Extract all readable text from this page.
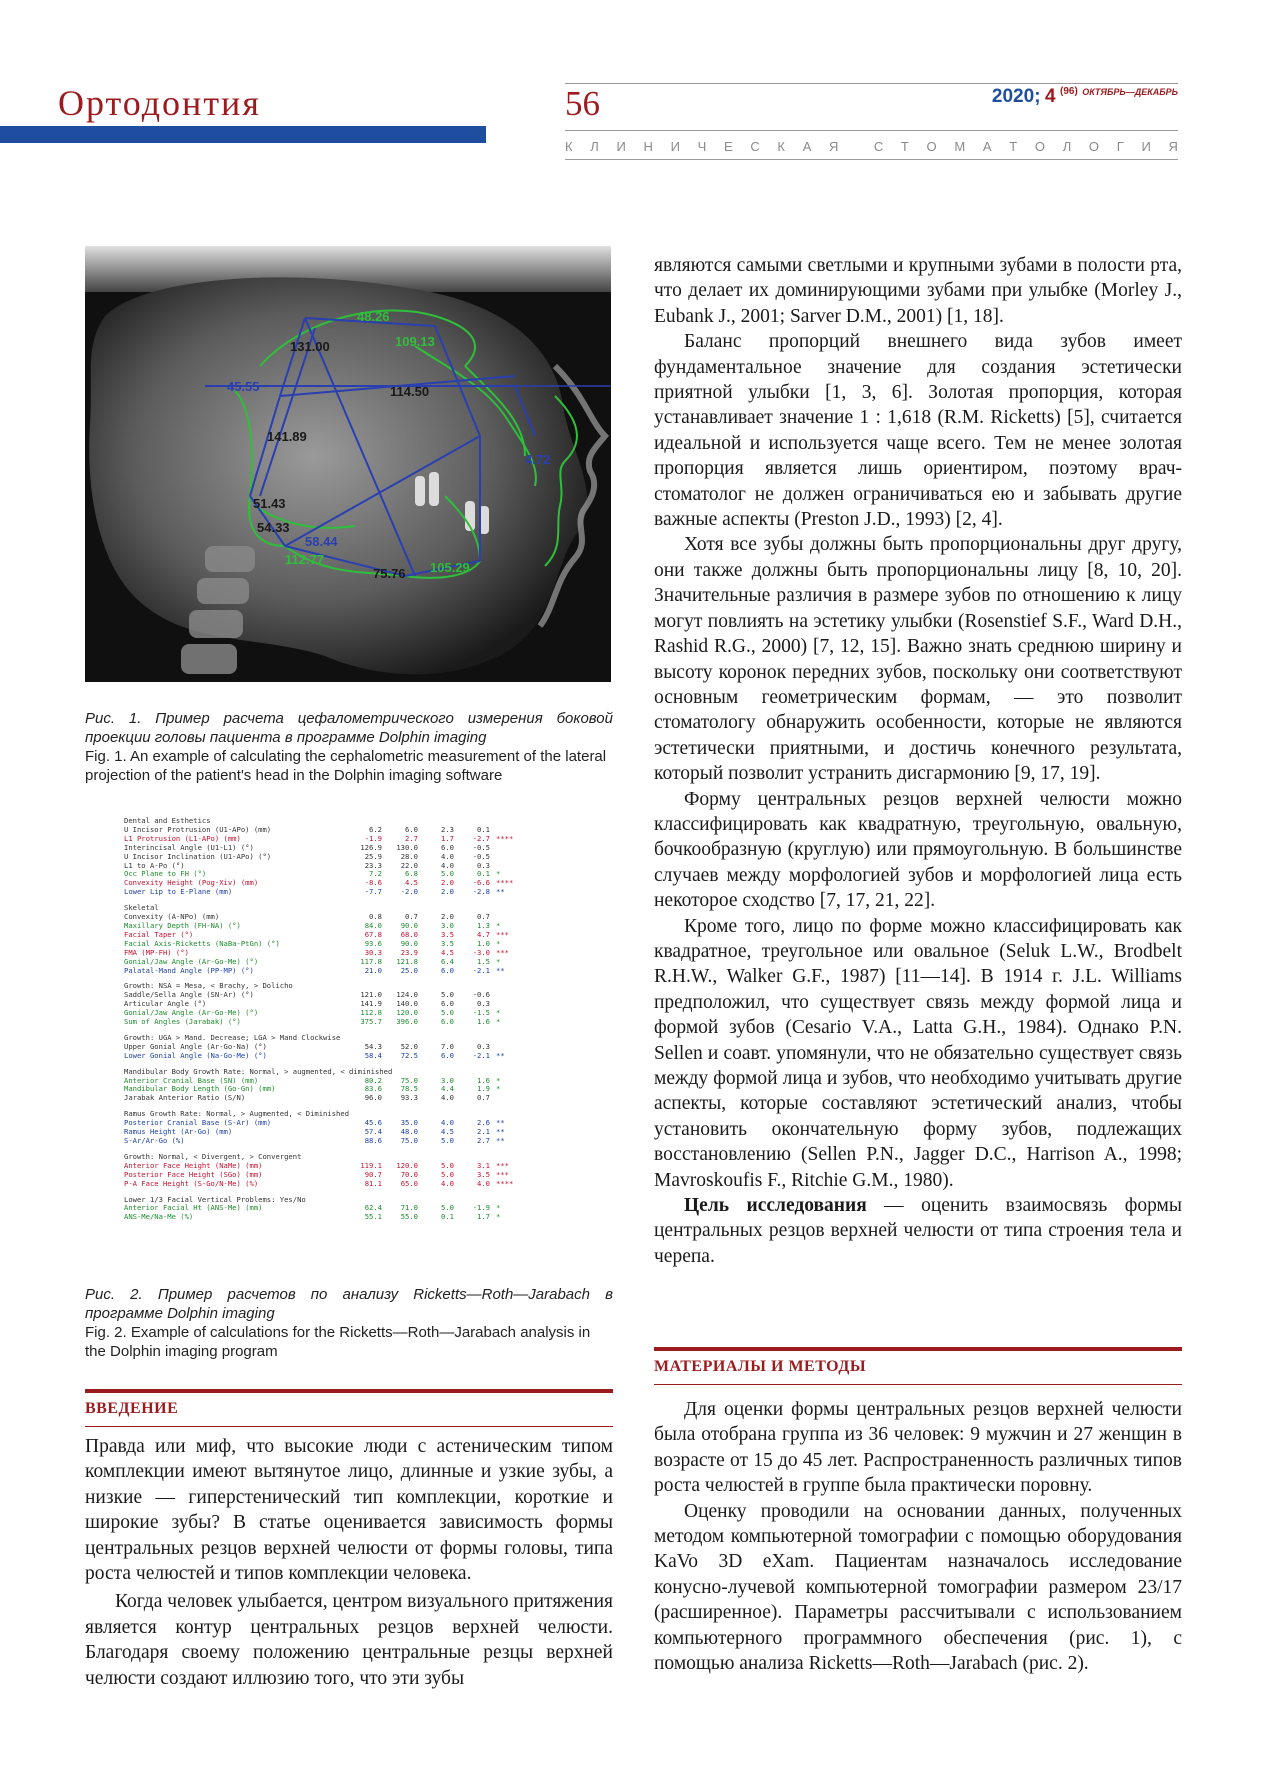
Ортодонтия	56	2020; 4 $^{(96)}$ $^{ОКТЯБРЬ—ДЕКАБРЬ}$
К Л И Н И Ч Е С К А Я	С Т О М А Т О Л О Г И Я
48.26
131.00	109.13
45.55	114.50
141.89
4.72
51.43
54.33
58.44
112.77
75.76 105.29
Рис. 1. Пример расчета цефалометрического измерения боковой проекции головы пациента в программе Dolphin imaging
Fig. 1. An example of calculating the cephalometric measurement of the lateral projection of the patient's head in the Dolphin imaging software
Dental and Esthetics
U Incisor Protrusion (U1-APo) (mm)	6.2	6.0	2.3	0.1
L1 Protrusion (L1-APo) (mm)	-1.9	2.7	1.7	-2.7 ****
Interincisal Angle (U1-L1) (°)	126.9	130.0	6.0	-0.5
U Incisor Inclination (U1-APo) (°)	25.9	28.0	4.0	-0.5
L1 to A-Po (°)	23.3	22.0	4.0	0.3
Occ Plane to FH (°)	7.2	6.8	5.0	0.1 *
Convexity Height (Pog-Xiv) (mm)	-8.6	4.5	2.0	-6.6 ****
Lower Lip to E-Plane (mm)	-7.7	-2.0	2.0	-2.8 **
Skeletal
Convexity (A-NPo) (mm)	0.8	0.7	2.0	0.7
Maxillary Depth (FH-NA) (°)	84.0	90.0	3.0	1.3 *
Facial Taper (°)	67.8	68.0	3.5	4.7 ***
Facial Axis-Ricketts (NaBa-PtGn) (°)	93.6	90.0	3.5	1.0 *
FMA (MP-FH) (°)	30.3	23.9	4.5	-3.0 ***
Gonial/Jaw Angle (Ar-Go-Me) (°)	117.8	121.8	6.4	1.5 *
Palatal-Mand Angle (PP-MP) (°)	21.0	25.0	6.0	-2.1 **
Growth: NSA = Mesa, < Brachy, > Dolicho
Saddle/Sella Angle (SN-Ar) (°)	121.0	124.0	5.0	-0.6
Articular Angle (°)	141.9	140.0	6.0	0.3
Gonial/Jaw Angle (Ar-Go-Me) (°)	112.8	120.0	5.0	-1.5 *
Sum of Angles (Jarabak) (°)	375.7	396.0	6.0	1.6 *
Growth: UGA > Mand. Decrease; LGA > Mand Clockwise
Upper Gonial Angle (Ar-Go-Na) (°)	54.3	52.0	7.0	0.3
Lower Gonial Angle (Na-Go-Me) (°)	58.4	72.5	6.0	-2.1 **
Mandibular Body Growth Rate: Normal, > augmented, < diminished
Anterior Cranial Base (SN) (mm)	80.2	75.0	3.0	1.6 *
Mandibular Body Length (Go-Gn) (mm)	83.6	78.5	4.4	1.9 *
Jarabak Anterior Ratio (S/N)	96.0	93.3	4.0	0.7
Ramus Growth Rate: Normal, > Augmented, < Diminished
Posterior Cranial Base (S-Ar) (mm)	45.6	35.0	4.0	2.6 **
Ramus Height (Ar-Go) (mm)	57.4	48.0	4.5	2.1 **
S-Ar/Ar-Go (%)	88.6	75.0	5.0	2.7 **
Growth: Normal, < Divergent, > Convergent
Anterior Face Height (NaMe) (mm)	119.1	120.0	5.0	3.1 ***
Posterior Face Height (SGo) (mm)	90.7	70.0	5.0	3.5 ***
P-A Face Height (S-Go/N-Me) (%)	81.1	65.0	4.0	4.0 ****
Lower 1/3 Facial Vertical Problems: Yes/No
Anterior Facial Ht (ANS-Me) (mm)	62.4	71.0	5.0	-1.9 *
ANS-Me/Na-Me (%)	55.1	55.0	0.1	1.7 *
Рис. 2. Пример расчетов по анализу Ricketts—Roth—Jarabach в программе Dolphin imaging
Fig. 2. Example of calculations for the Ricketts—Roth—Jarabach analysis in the Dolphin imaging program
ВВЕДЕНИЕ

Правда или миф, что высокие люди с астеническим типом комплекции имеют вытянутое лицо, длинные и узкие зубы, а низкие — гиперстенический тип комплекции, короткие и широкие зубы? В статье оценивается зависимость формы центральных резцов верхней челюсти от формы головы, типа роста челюстей и типов комплекции человека.

Когда человек улыбается, центром визуального притяжения является контур центральных резцов верхней челюсти. Благодаря своему положению центральные резцы верхней челюсти создают иллюзию того, что эти зубы

являются самыми светлыми и крупными зубами в полости рта, что делает их доминирующими зубами при улыбке (Morley J., Eubank J., 2001; Sarver D.M., 2001) [1, 18].

Баланс пропорций внешнего вида зубов имеет фундаментальное значение для создания эстетически приятной улыбки [1, 3, 6]. Золотая пропорция, которая устанавливает значение 1 : 1,618 (R.M. Ricketts) [5], считается идеальной и используется чаще всего. Тем не менее золотая пропорция является лишь ориентиром, поэтому врач-стоматолог не должен ограничиваться ею и забывать другие важные аспекты (Preston J.D., 1993) [2, 4].

Хотя все зубы должны быть пропорциональны друг другу, они также должны быть пропорциональны лицу [8, 10, 20]. Значительные различия в размере зубов по отношению к лицу могут повлиять на эстетику улыбки (Rosenstief S.F., Ward D.H., Rashid R.G., 2000) [7, 12, 15]. Важно знать среднюю ширину и высоту коронок передних зубов, поскольку они соответствуют основным геометрическим формам, — это позволит стоматологу обнаружить особенности, которые не являются эстетически приятными, и достичь конечного результата, который позволит устранить дисгармонию [9, 17, 19].

Форму центральных резцов верхней челюсти можно классифицировать как квадратную, треугольную, овальную, бочкообразную (круглую) или прямоугольную. В большинстве случаев между морфологией зубов и морфологией лица есть некоторое сходство [7, 17, 21, 22].

Кроме того, лицо по форме можно классифицировать как квадратное, треугольное или овальное (Seluk L.W., Brodbelt R.H.W., Walker G.F., 1987) [11—14]. В 1914 г. J.L. Williams предположил, что существует связь между формой лица и формой зубов (Cesario V.A., Latta G.H., 1984). Однако P.N. Sellen и соавт. упомянули, что не обязательно существует связь между формой лица и зубов, что необходимо учитывать другие аспекты, которые составляют эстетический анализ, чтобы установить окончательную форму зубов, подлежащих восстановлению (Sellen P.N., Jagger D.C., Harrison A., 1998; Mavroskoufis F., Ritchie G.M., 1980).

Цель исследования — оценить взаимосвязь формы центральных резцов верхней челюсти от типа строения тела и черепа.

МАТЕРИАЛЫ И МЕТОДЫ

Для оценки формы центральных резцов верхней челюсти была отобрана группа из 36 человек: 9 мужчин и 27 женщин в возрасте от 15 до 45 лет. Распространенность различных типов роста челюстей в группе была практически поровну.

Оценку проводили на основании данных, полученных методом компьютерной томографии с помощью оборудования KaVo 3D eXam. Пациентам назначалось исследование конусно-лучевой компьютерной томографии размером 23/17 (расширенное). Параметры рассчитывали с использованием компьютерного программного обеспечения (рис. 1), с помощью анализа Ricketts—Roth—Jarabach (рис. 2).
